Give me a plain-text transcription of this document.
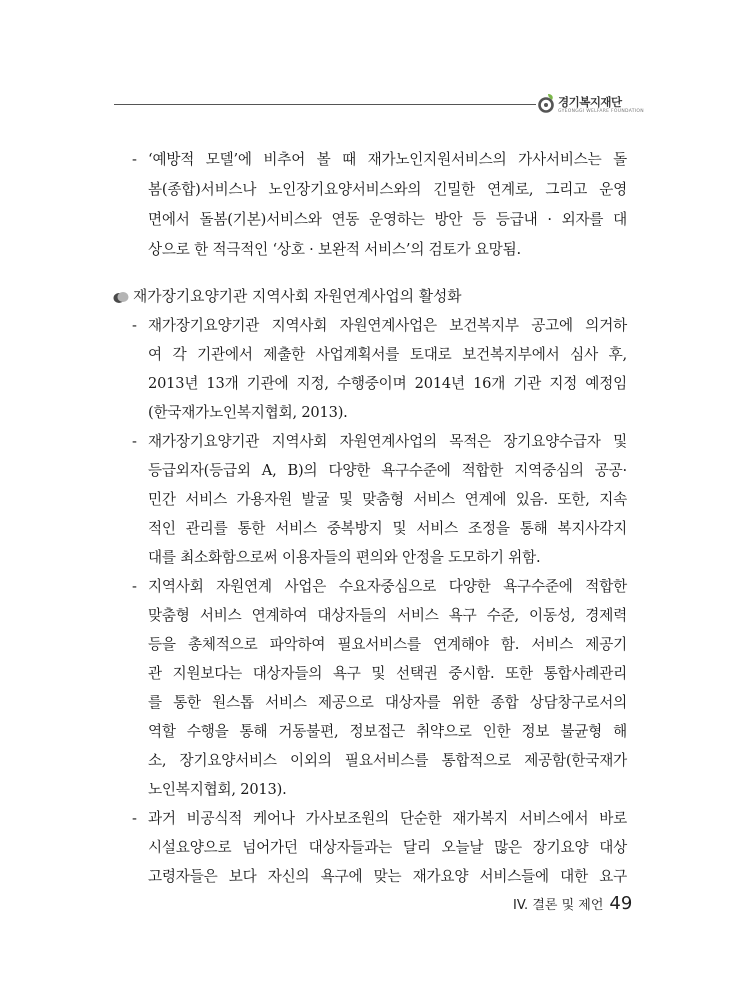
경기복지재단
GYEONGGI WELFARE FOUNDATION
- ‘예방적 모델’에 비추어 볼 때 재가노인지원서비스의 가사서비스는 돌
봄(종합)서비스나 노인장기요양서비스와의 긴밀한 연계로, 그리고 운영
면에서 돌봄(기본)서비스와 연동 운영하는 방안 등 등급내 · 외자를 대
상으로 한 적극적인 ‘상호 · 보완적 서비스’의 검토가 요망됨.
재가장기요양기관 지역사회 자원연계사업의 활성화
- 재가장기요양기관 지역사회 자원연계사업은 보건복지부 공고에 의거하
여 각 기관에서 제출한 사업계획서를 토대로 보건복지부에서 심사 후,
2013년 13개 기관에 지정, 수행중이며 2014년 16개 기관 지정 예정임
(한국재가노인복지협회, 2013).
- 재가장기요양기관 지역사회 자원연계사업의 목적은 장기요양수급자 및
등급외자(등급외 A, B)의 다양한 욕구수준에 적합한 지역중심의 공공·
민간 서비스 가용자원 발굴 및 맞춤형 서비스 연계에 있음. 또한, 지속
적인 관리를 통한 서비스 중복방지 및 서비스 조정을 통해 복지사각지
대를 최소화함으로써 이용자들의 편의와 안정을 도모하기 위함.
- 지역사회 자원연계 사업은 수요자중심으로 다양한 욕구수준에 적합한
맞춤형 서비스 연계하여 대상자들의 서비스 욕구 수준, 이동성, 경제력
등을 총체적으로 파악하여 필요서비스를 연계해야 함. 서비스 제공기
관 지원보다는 대상자들의 욕구 및 선택권 중시함. 또한 통합사례관리
를 통한 원스톱 서비스 제공으로 대상자를 위한 종합 상담창구로서의
역할 수행을 통해 거동불편, 정보접근 취약으로 인한 정보 불균형 해
소, 장기요양서비스 이외의 필요서비스를 통합적으로 제공함(한국재가
노인복지협회, 2013).
- 과거 비공식적 케어나 가사보조원의 단순한 재가복지 서비스에서 바로
시설요양으로 넘어가던 대상자들과는 달리 오늘날 많은 장기요양 대상
고령자들은 보다 자신의 욕구에 맞는 재가요양 서비스들에 대한 요구
IV. 결론 및 제언 49
